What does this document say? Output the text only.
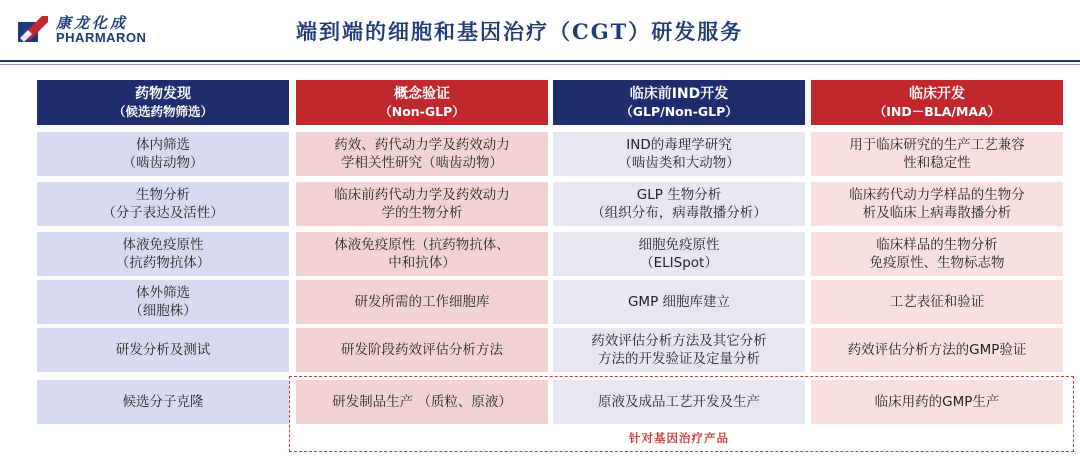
康龙化成
PHARMARON	端到端的细胞和基因治疗（CGT）研发服务
药物发现
（候选药物筛选）
体内筛选
（啮齿动物）
生物分析
（分子表达及活性）
体液免疫原性
（抗药物抗体）
体外筛选
（细胞株）
研发分析及测试
候选分子克隆
概念验证
（Non-GLP）
药效、药代动力学及药效动力
学相关性研究（啮齿动物）
临床前药代动力学及药效动力
学的生物分析
体液免疫原性（抗药物抗体、
中和抗体）
研发所需的工作细胞库
研发阶段药效评估分析方法
研发制品生产 （质粒、原液）
临床前IND开发
（GLP/Non-GLP）
IND的毒理学研究
（啮齿类和大动物）
GLP 生物分析
（组织分布，病毒散播分析）
细胞免疫原性
（ELISpot）
GMP 细胞库建立
药效评估分析方法及其它分析
方法的开发验证及定量分析
原液及成品工艺开发及生产
临床开发
（IND－BLA/MAA）
用于临床研究的生产工艺兼容
性和稳定性
临床药代动力学样品的生物分
析及临床上病毒散播分析
临床样品的生物分析
免疫原性、生物标志物
工艺表征和验证
药效评估分析方法的GMP验证
临床用药的GMP生产
针对基因治疗产品
